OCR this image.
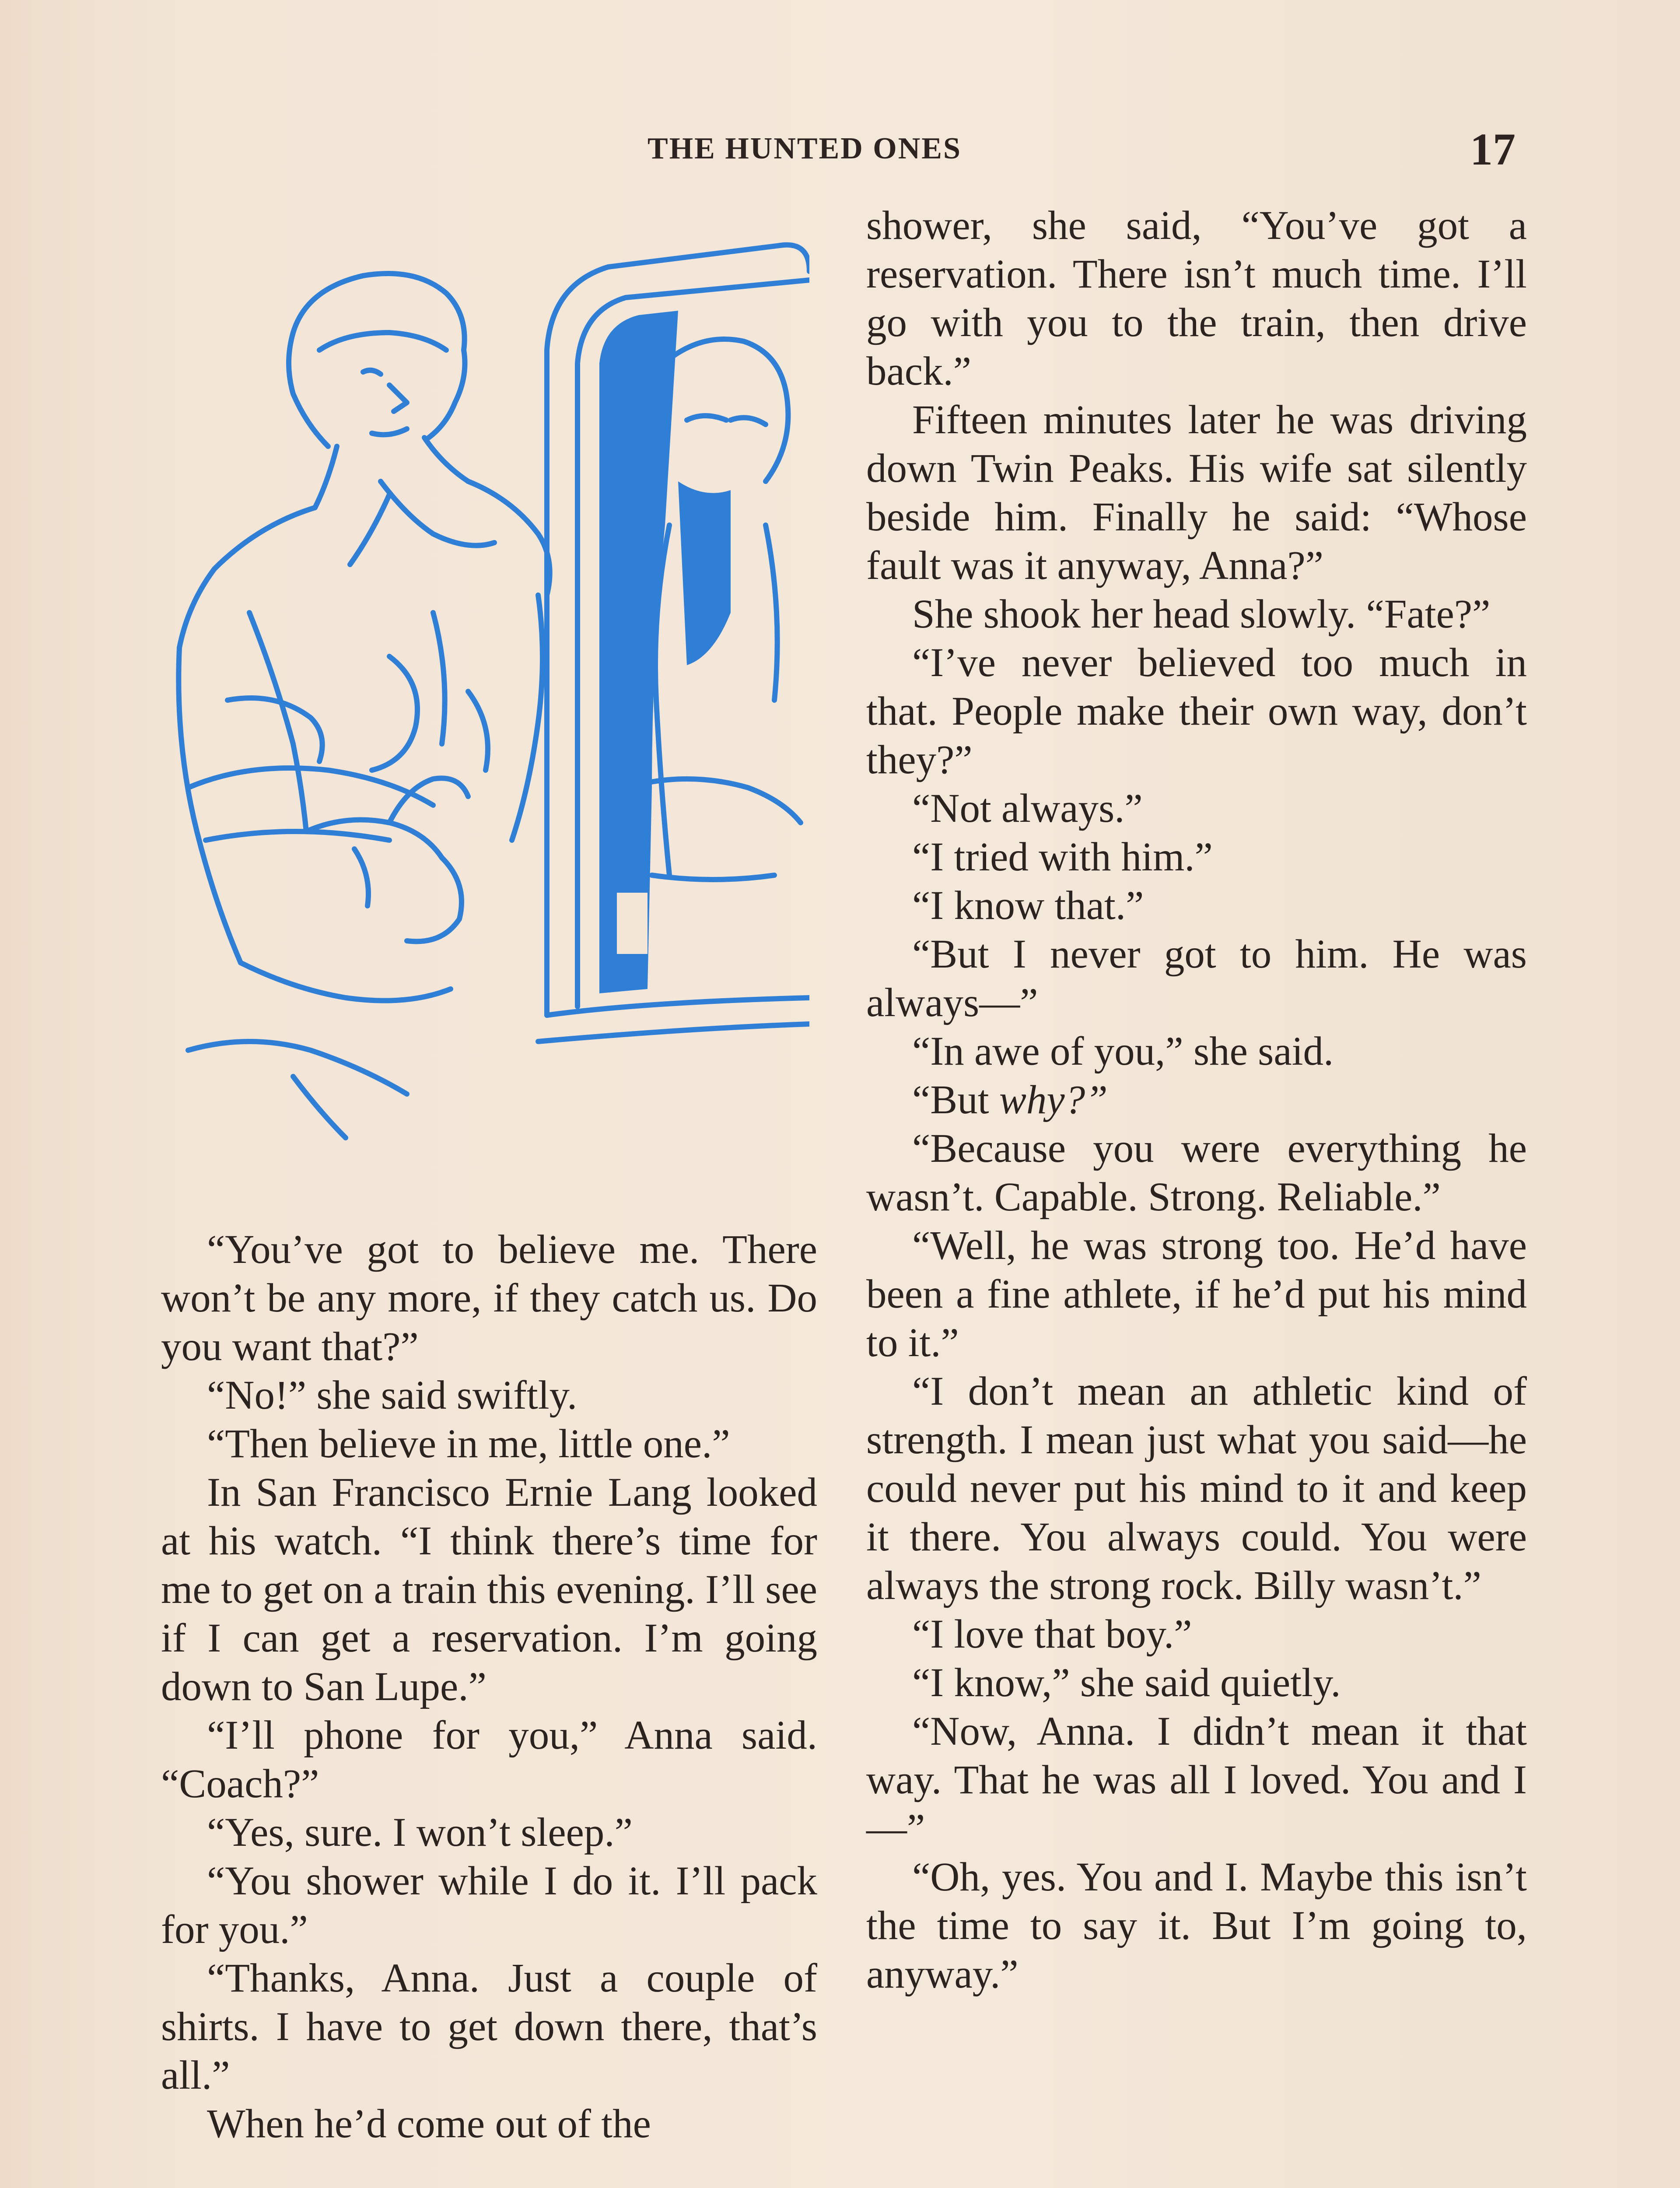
THE HUNTED ONES	17

“You’ve got to believe me. There won’t be any more, if they catch us. Do you want that?”

“No!” she said swiftly.

“Then believe in me, little one.”

In San Francisco Ernie Lang looked at his watch. “I think there’s time for me to get on a train this evening. I’ll see if I can get a reservation. I’m going down to San Lupe.”

“I’ll phone for you,” Anna said. “Coach?”

“Yes, sure. I won’t sleep.”

“You shower while I do it. I’ll pack for you.”

“Thanks, Anna. Just a couple of shirts. I have to get down there, that’s all.”

When he’d come out of the

shower, she said, “You’ve got a reservation. There isn’t much time. I’ll go with you to the train, then drive back.”

Fifteen minutes later he was driving down Twin Peaks. His wife sat silently beside him. Finally he said: “Whose fault was it anyway, Anna?”

She shook her head slowly. “Fate?”

“I’ve never believed too much in that. People make their own way, don’t they?”

“Not always.”

“I tried with him.”

“I know that.”

“But I never got to him. He was always—”

“In awe of you,” she said.

“But why?”

“Because you were everything he wasn’t. Capable. Strong. Reliable.”

“Well, he was strong too. He’d have been a fine athlete, if he’d put his mind to it.”

“I don’t mean an athletic kind of strength. I mean just what you said—he could never put his mind to it and keep it there. You always could. You were always the strong rock. Billy wasn’t.”

“I love that boy.”

“I know,” she said quietly.

“Now, Anna. I didn’t mean it that way. That he was all I loved. You and I—”

“Oh, yes. You and I. Maybe this isn’t the time to say it. But I’m going to, anyway.”
